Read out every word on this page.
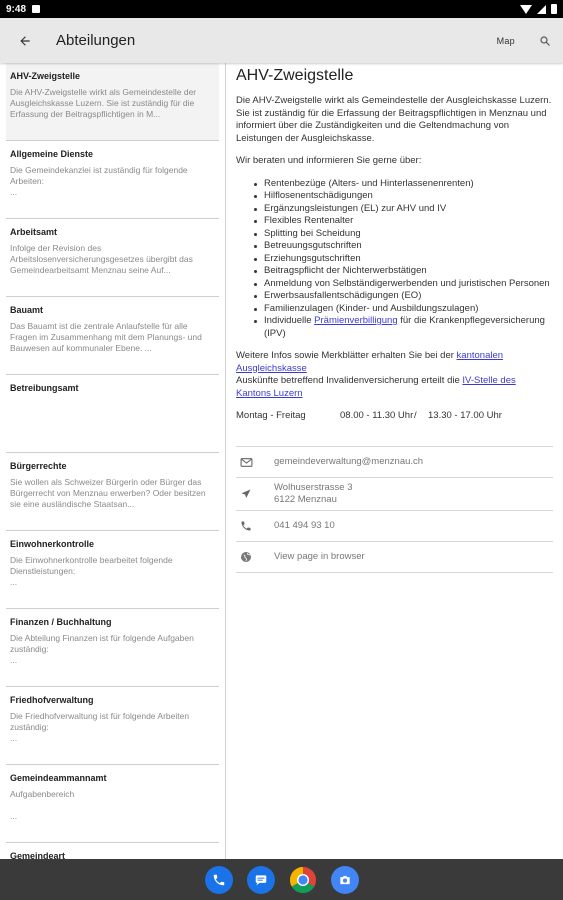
9:48
Abteilungen	Map
AHV-Zweigstelle
Die AHV-Zweigstelle wirkt als Gemeindestelle der Ausgleichskasse Luzern. Sie ist zuständig für die Erfassung der Beitragspflichtigen in M...
Allgemeine Dienste
Die Gemeindekanzlei ist zuständig für folgende Arbeiten:
...
Arbeitsamt
Infolge der Revision des Arbeitslosenversicherungsgesetzes übergibt das Gemeindearbeitsamt Menznau seine Auf...
Bauamt
Das Bauamt ist die zentrale Anlaufstelle für alle Fragen im Zusammenhang mit dem Planungs- und Bauwesen auf kommunaler Ebene. ...
Betreibungsamt
Bürgerrechte
Sie wollen als Schweizer Bürgerin oder Bürger das Bürgerrecht von Menznau erwerben? Oder besitzen sie eine ausländische Staatsan...
Einwohnerkontrolle
Die Einwohnerkontrolle bearbeitet folgende Dienstleistungen:
...
Finanzen / Buchhaltung
Die Abteilung Finanzen ist für folgende Aufgaben zuständig:
...
Friedhofverwaltung
Die Friedhofverwaltung ist für folgende Arbeiten zuständig:
...
Gemeindeammannamt
Aufgabenbereich

...
Gemeindeart
AHV-Zweigstelle

Die AHV-Zweigstelle wirkt als Gemeindestelle der Ausgleichskasse Luzern. Sie ist zuständig für die Erfassung der Beitragspflichtigen in Menznau und informiert über die Zuständigkeiten und die Geltendmachung von Leistungen der Ausgleichskasse.

Wir beraten und informieren Sie gerne über:

Rentenbezüge (Alters- und Hinterlassenenrenten)
Hilflosenentschädigungen
Ergänzungsleistungen (EL) zur AHV und IV
Flexibles Rentenalter
Splitting bei Scheidung
Betreuungsgutschriften
Erziehungsgutschriften
Beitragspflicht der Nichterwerbstätigen
Anmeldung von Selbständigerwerbenden und juristischen Personen
Erwerbsausfallentschädigungen (EO)
Familienzulagen (Kinder- und Ausbildungszulagen)
Individuelle Prämienverbilligung für die Krankenpflegeversicherung (IPV)

Weitere Infos sowie Merkblätter erhalten Sie bei der kantonalen Ausgleichskasse

Auskünfte betreffend Invalidenversicherung erteilt die IV-Stelle des Kantons Luzern

Montag - Freitag	08.00 - 11.30 Uhr /	13.30 - 17.00 Uhr
gemeindeverwaltung@menznau.ch
Wolhuserstrasse 3
6122 Menznau
041 494 93 10
View page in browser
